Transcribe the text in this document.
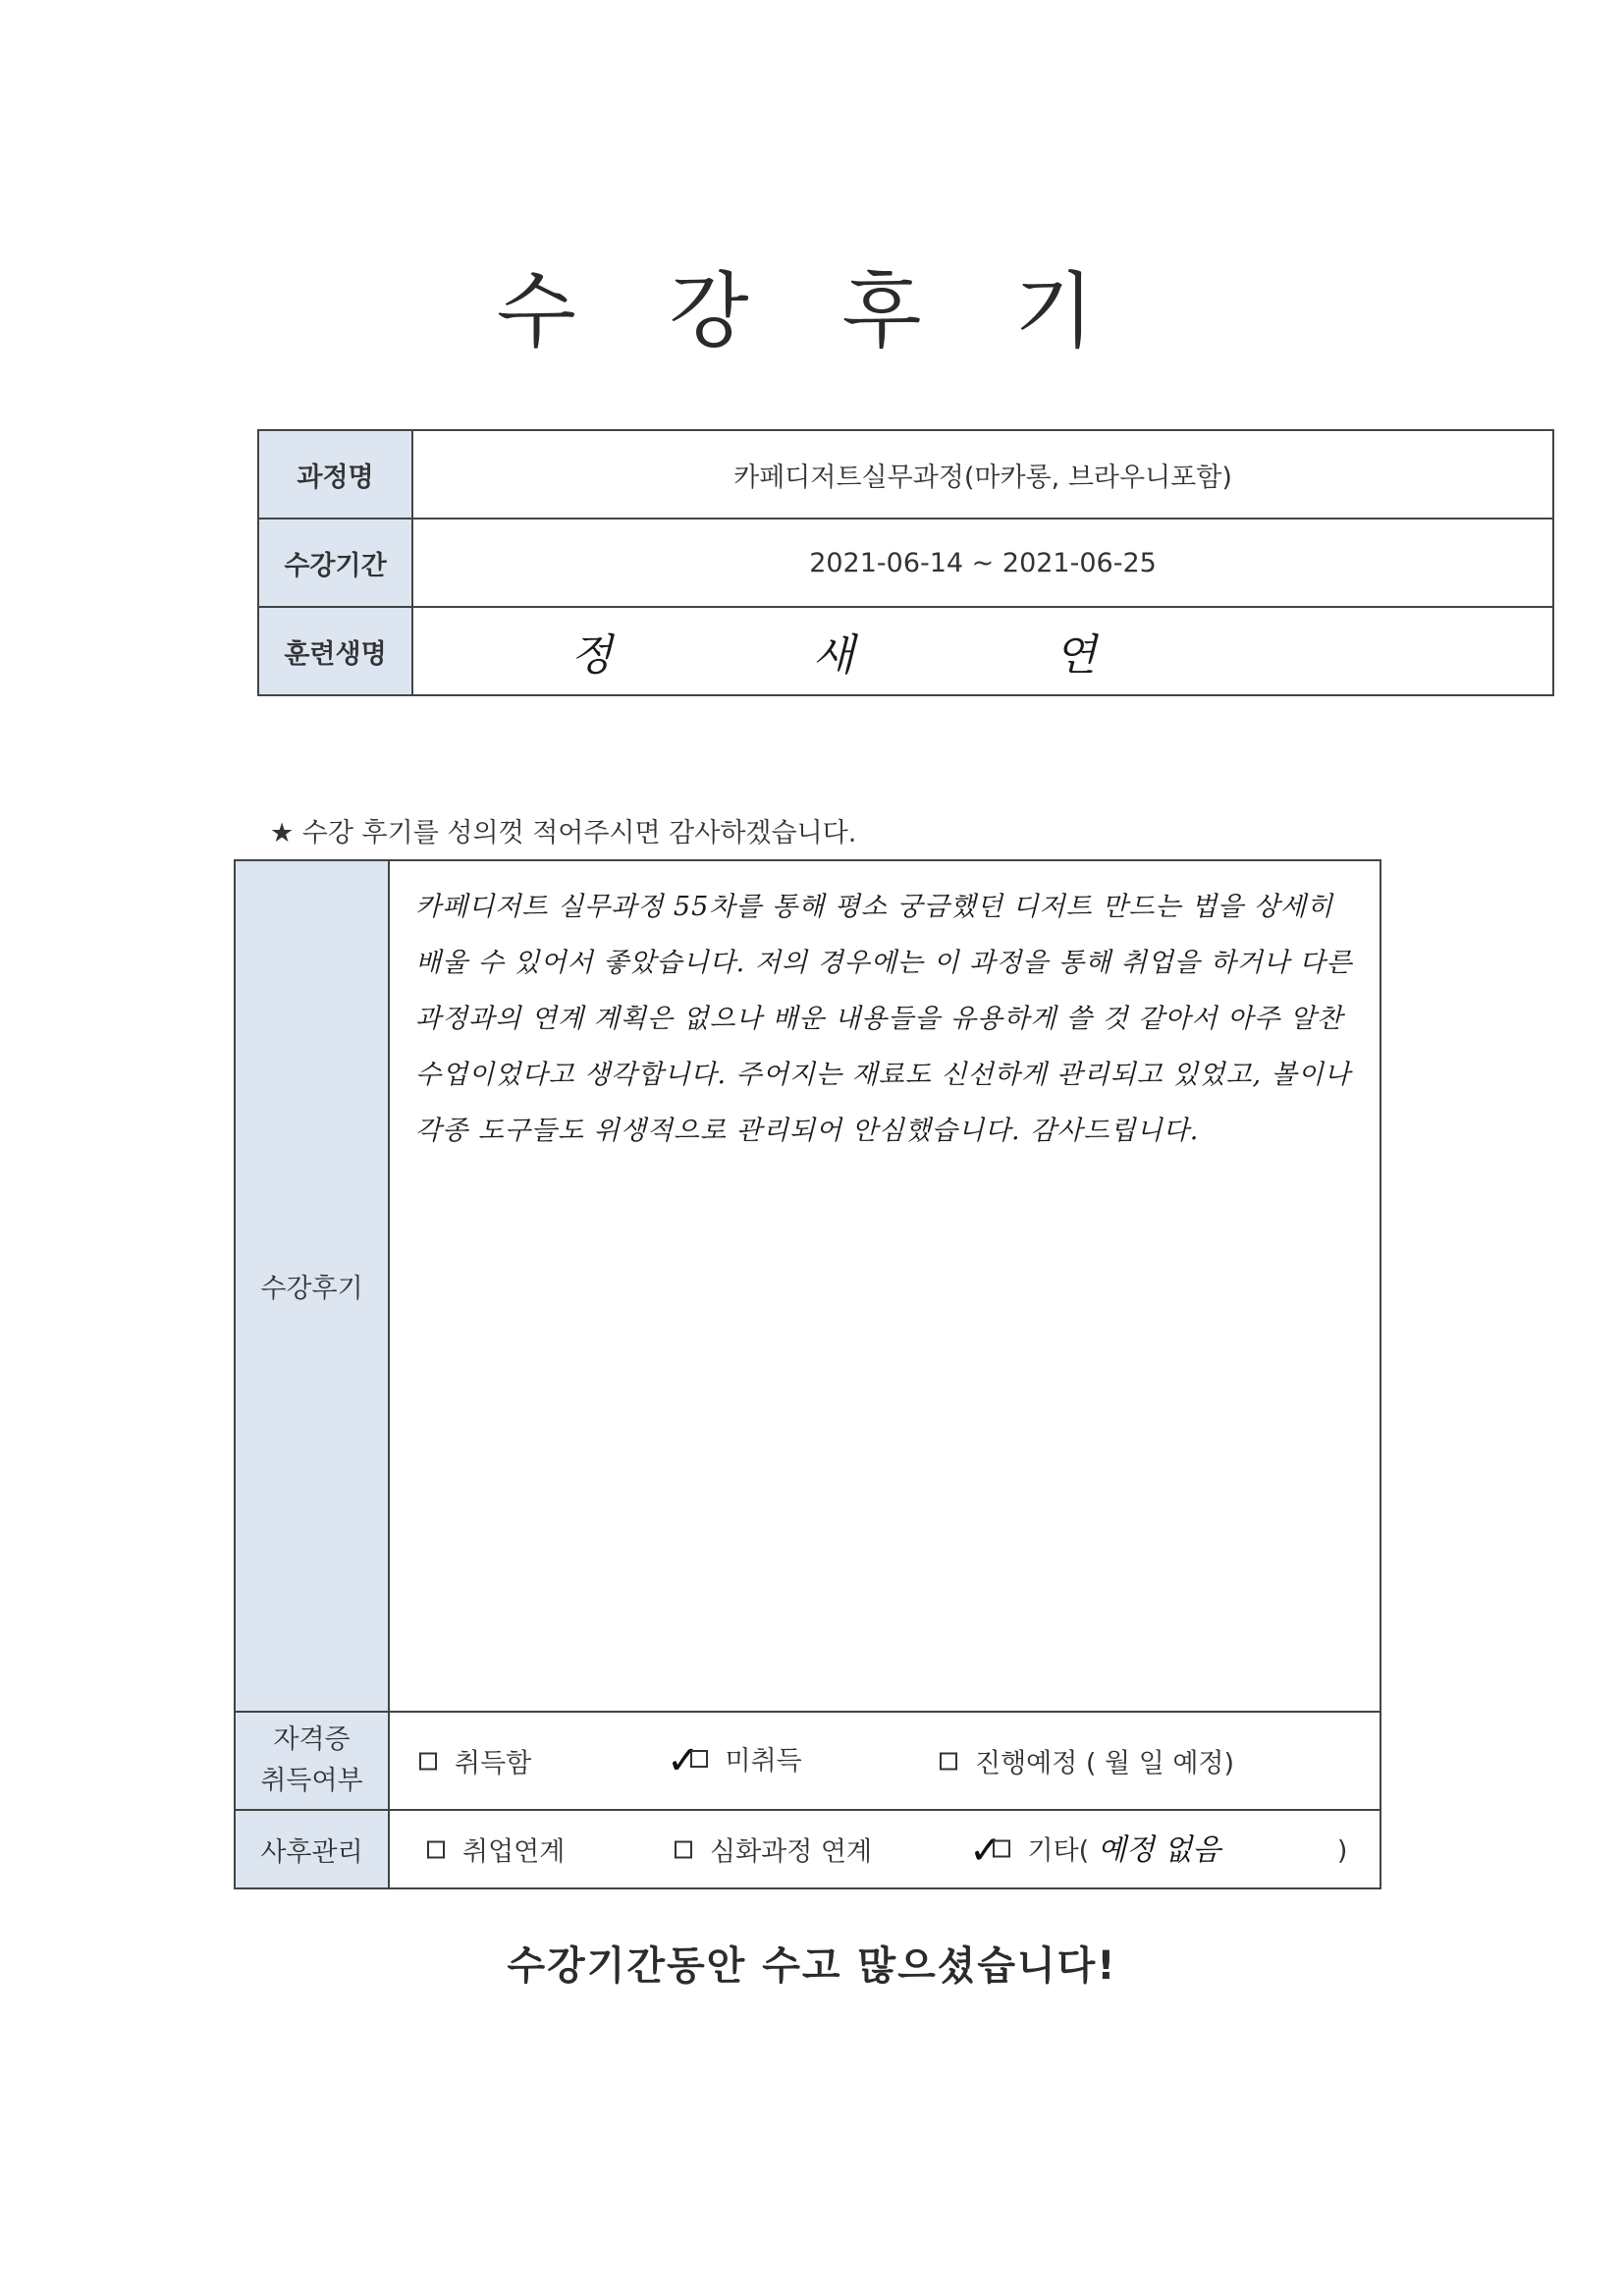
수 강 후 기
과정명	카페디저트실무과정(마카롱, 브라우니포함)
수강기간	2021-06-14 ~ 2021-06-25
훈련생명	정 새 연
★ 수강 후기를 성의껏 적어주시면 감사하겠습니다.
수강후기	카페디저트 실무과정 55차를 통해 평소 궁금했던 디저트 만드는 법을 상세히 배울 수 있어서 좋았습니다. 저의 경우에는 이 과정을 통해 취업을 하거나 다른 과정과의 연계 계획은 없으나 배운 내용들을 유용하게 쓸 것 같아서 아주 알찬 수업이었다고 생각합니다. 주어지는 재료도 신선하게 관리되고 있었고, 볼이나 각종 도구들도 위생적으로 관리되어 안심했습니다. 감사드립니다.

자격증
취득여부	취득함 ✓ 미취득 진행예정 ( 월 일 예정)

사후관리	취업연계 심화과정 연계 ✓ 기타( 예정 없음 )
수강기간동안 수고 많으셨습니다!
